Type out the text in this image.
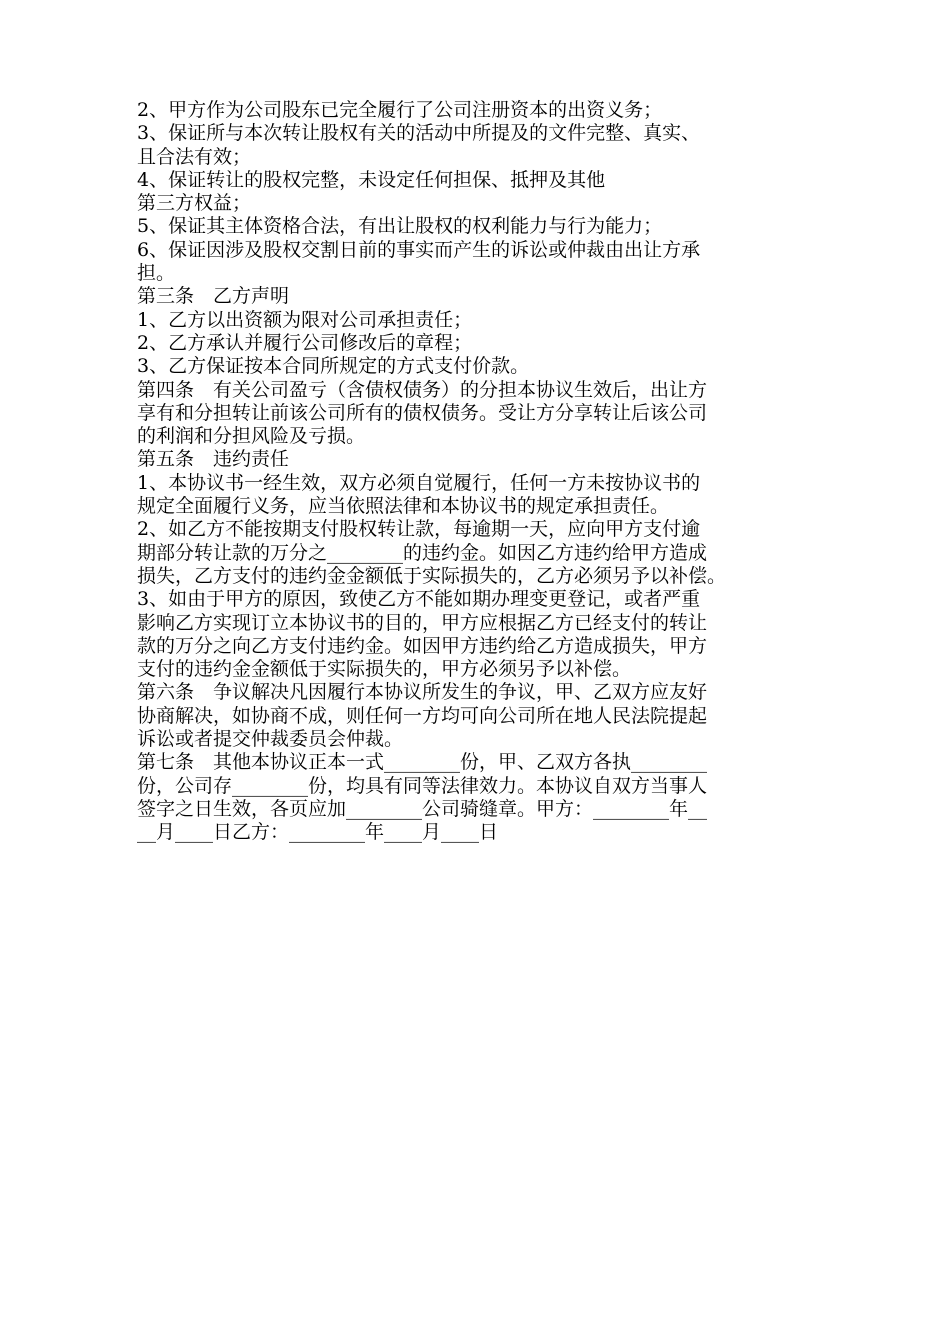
2、甲方作为公司股东已完全履行了公司注册资本的出资义务；
3、保证所与本次转让股权有关的活动中所提及的文件完整、真实、
且合法有效；
4、保证转让的股权完整，未设定任何担保、抵押及其他
第三方权益；
5、保证其主体资格合法，有出让股权的权利能力与行为能力；
6、保证因涉及股权交割日前的事实而产生的诉讼或仲裁由出让方承
担。
第三条　乙方声明
1、乙方以出资额为限对公司承担责任；
2、乙方承认并履行公司修改后的章程；
3、乙方保证按本合同所规定的方式支付价款。
第四条　有关公司盈亏（含债权债务）的分担本协议生效后，出让方
享有和分担转让前该公司所有的债权债务。受让方分享转让后该公司
的利润和分担风险及亏损。
第五条　违约责任
1、本协议书一经生效，双方必须自觉履行，任何一方未按协议书的
规定全面履行义务，应当依照法律和本协议书的规定承担责任。
2、如乙方不能按期支付股权转让款，每逾期一天，应向甲方支付逾
期部分转让款的万分之________的违约金。如因乙方违约给甲方造成
损失，乙方支付的违约金金额低于实际损失的，乙方必须另予以补偿。
3、如由于甲方的原因，致使乙方不能如期办理变更登记，或者严重
影响乙方实现订立本协议书的目的，甲方应根据乙方已经支付的转让
款的万分之向乙方支付违约金。如因甲方违约给乙方造成损失，甲方
支付的违约金金额低于实际损失的，甲方必须另予以补偿。
第六条　争议解决凡因履行本协议所发生的争议，甲、乙双方应友好
协商解决，如协商不成，则任何一方均可向公司所在地人民法院提起
诉讼或者提交仲裁委员会仲裁。
第七条　其他本协议正本一式________份，甲、乙双方各执________
份，公司存________份，均具有同等法律效力。本协议自双方当事人
签字之日生效，各页应加________公司骑缝章。甲方：________年__
__月____日乙方：________年____月____日
